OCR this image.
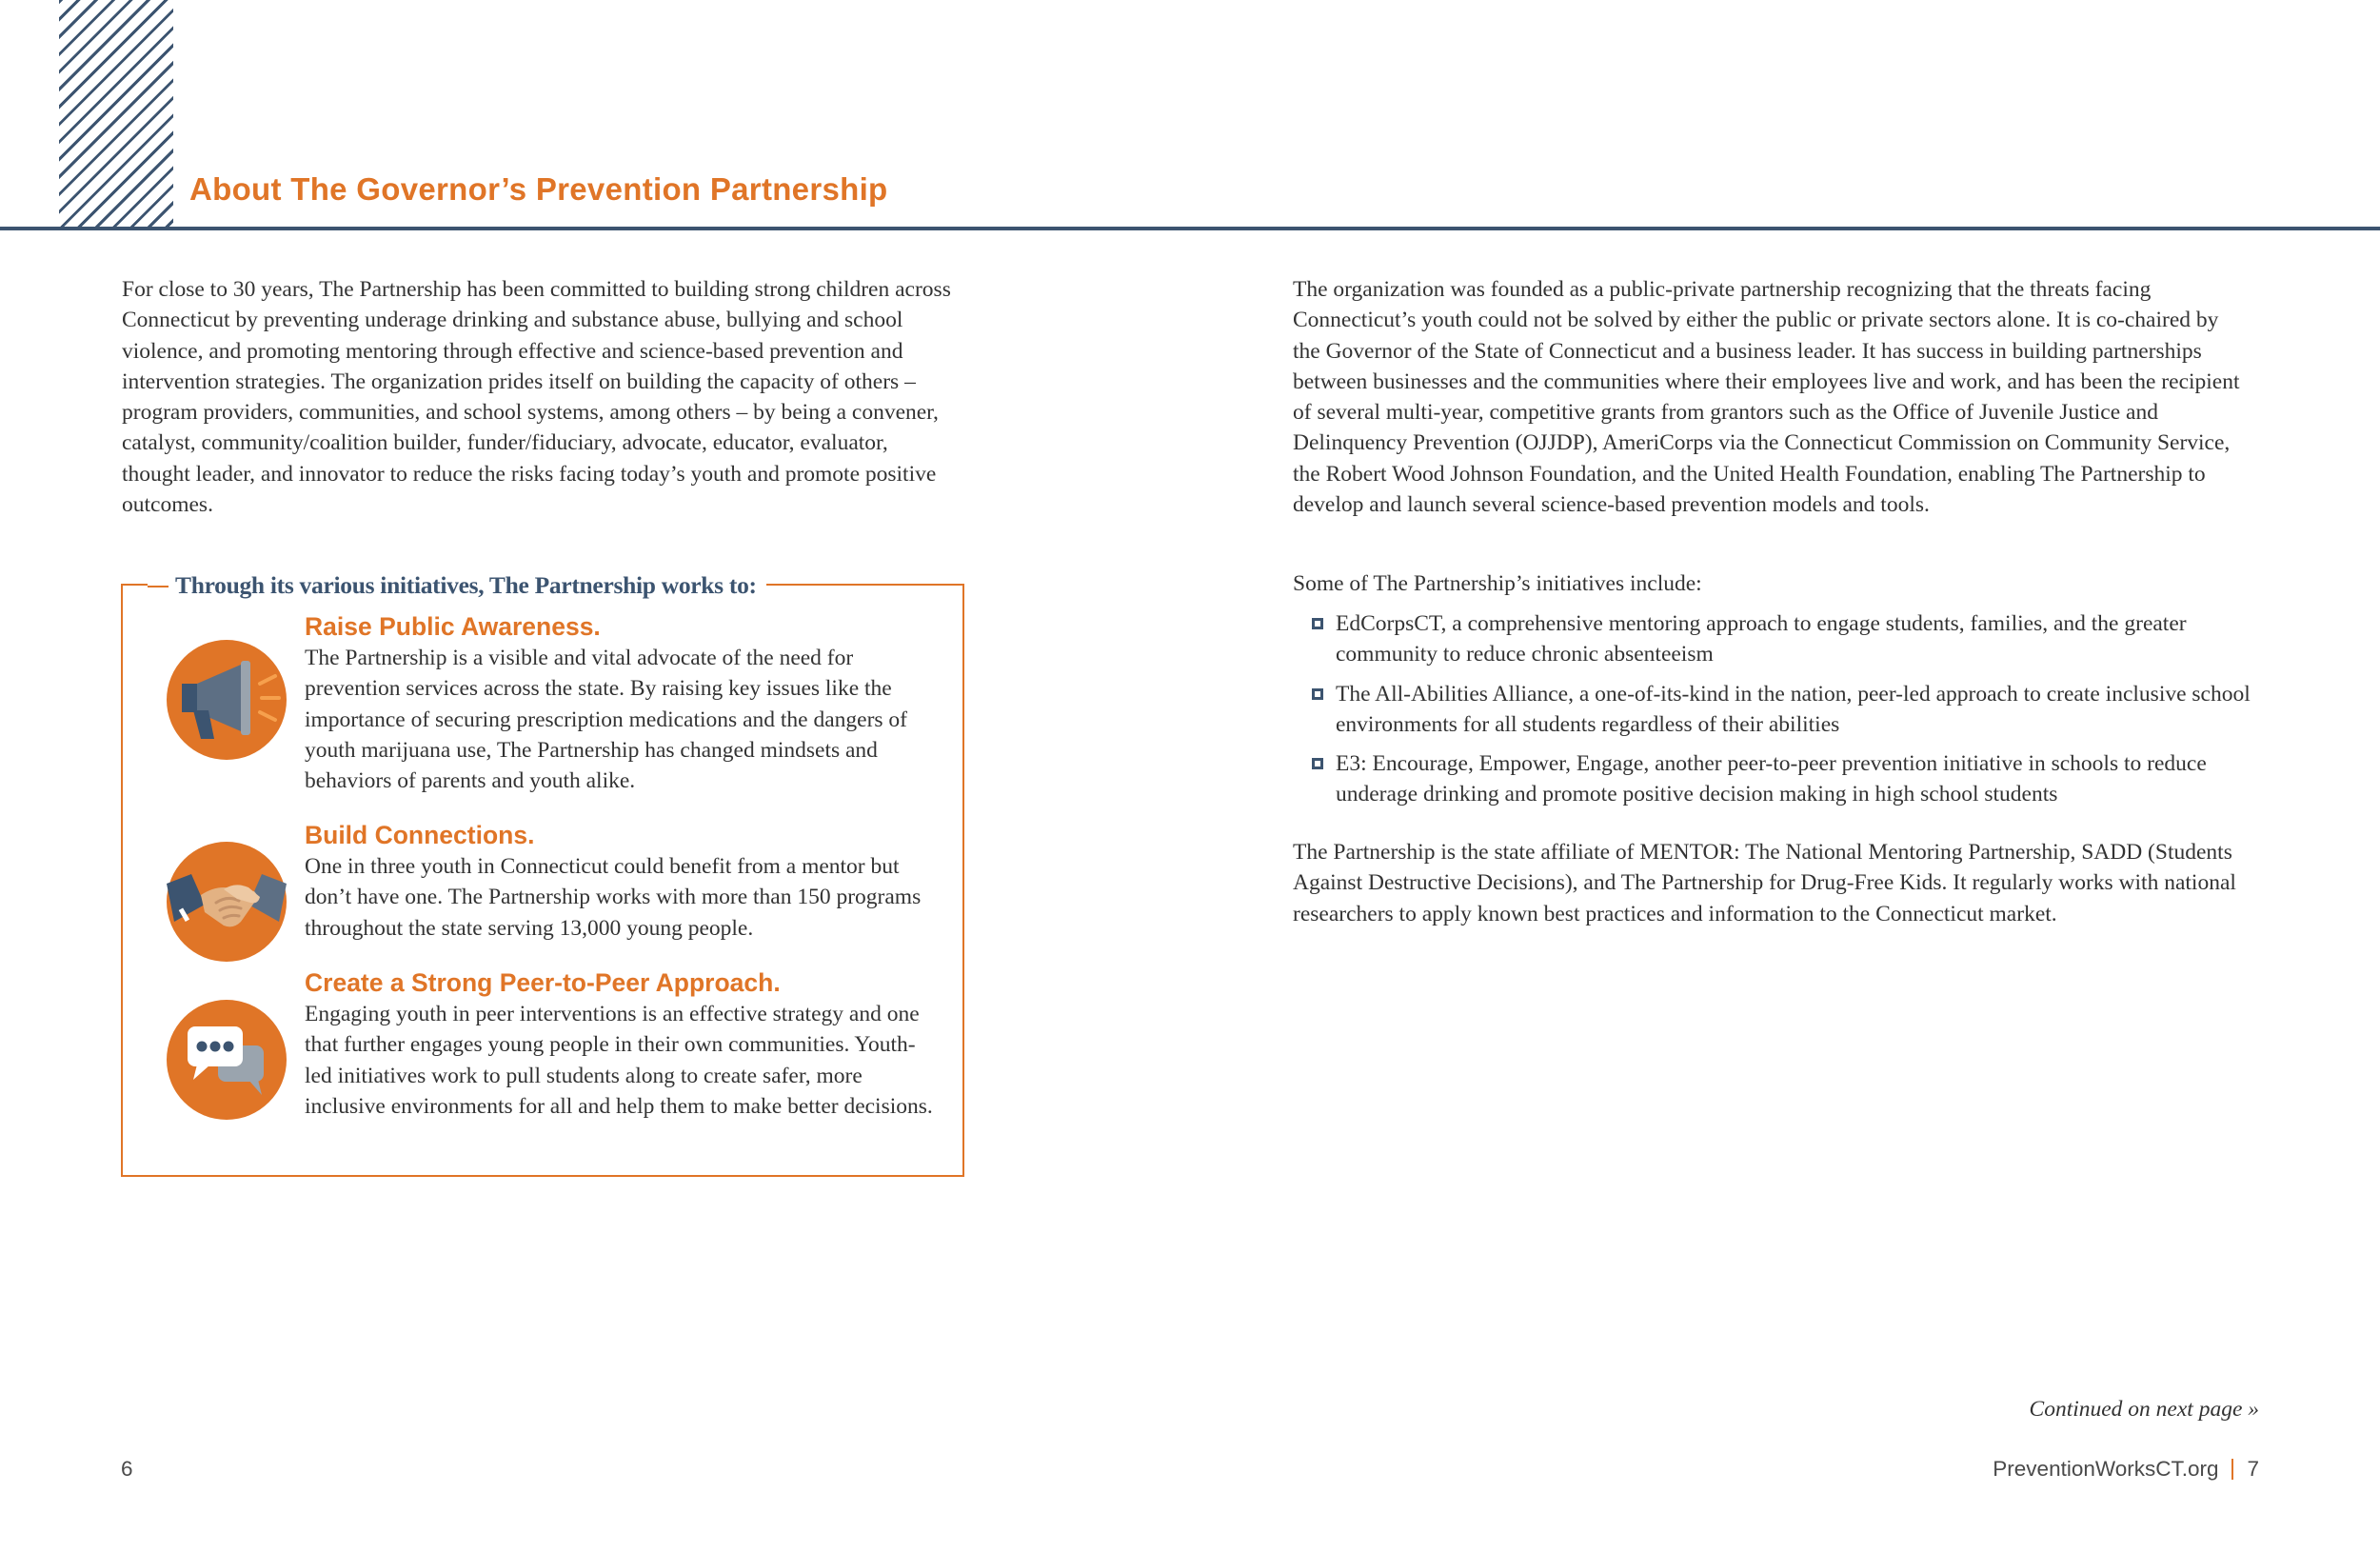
About The Governor’s Prevention Partnership

For close to 30 years, The Partnership has been committed to building strong children across Connecticut by preventing underage drinking and substance abuse, bullying and school violence, and promoting mentoring through effective and science-based prevention and intervention strategies. The organization prides itself on building the capacity of others – program providers, communities, and school systems, among others – by being a convener, catalyst, community/coalition builder, funder/fiduciary, advocate, educator, evaluator, thought leader, and innovator to reduce the risks facing today’s youth and promote positive outcomes.

Through its various initiatives, The Partnership works to:
Raise Public Awareness.

The Partnership is a visible and vital advocate of the need for prevention services across the state. By raising key issues like the importance of securing prescription medications and the dangers of youth marijuana use, The Partnership has changed mindsets and behaviors of parents and youth alike.

Build Connections.

One in three youth in Connecticut could benefit from a mentor but don’t have one. The Partnership works with more than 150 programs throughout the state serving 13,000 young people.

Create a Strong Peer-to-Peer Approach.

Engaging youth in peer interventions is an effective strategy and one that further engages young people in their own communities. Youth-led initiatives work to pull students along to create safer, more inclusive environments for all and help them to make better decisions.

The organization was founded as a public-private partnership recognizing that the threats facing Connecticut’s youth could not be solved by either the public or private sectors alone. It is co-chaired by the Governor of the State of Connecticut and a business leader. It has success in building partnerships between businesses and the communities where their employees live and work, and has been the recipient of several multi-year, competitive grants from grantors such as the Office of Juvenile Justice and Delinquency Prevention (OJJDP), AmeriCorps via the Connecticut Commission on Community Service, the Robert Wood Johnson Foundation, and the United Health Foundation, enabling The Partnership to develop and launch several science-based prevention models and tools.

Some of The Partnership’s initiatives include:

EdCorpsCT, a comprehensive mentoring approach to engage students, families, and the greater community to reduce chronic absenteeism
The All-Abilities Alliance, a one-of-its-kind in the nation, peer-led approach to create inclusive school environments for all students regardless of their abilities
E3: Encourage, Empower, Engage, another peer-to-peer prevention initiative in schools to reduce underage drinking and promote positive decision making in high school students

The Partnership is the state affiliate of MENTOR: The National Mentoring Partnership, SADD (Students Against Destructive Decisions), and The Partnership for Drug-Free Kids. It regularly works with national researchers to apply known best practices and information to the Connecticut market.

Continued on next page »

6	PreventionWorksCT.org 7
